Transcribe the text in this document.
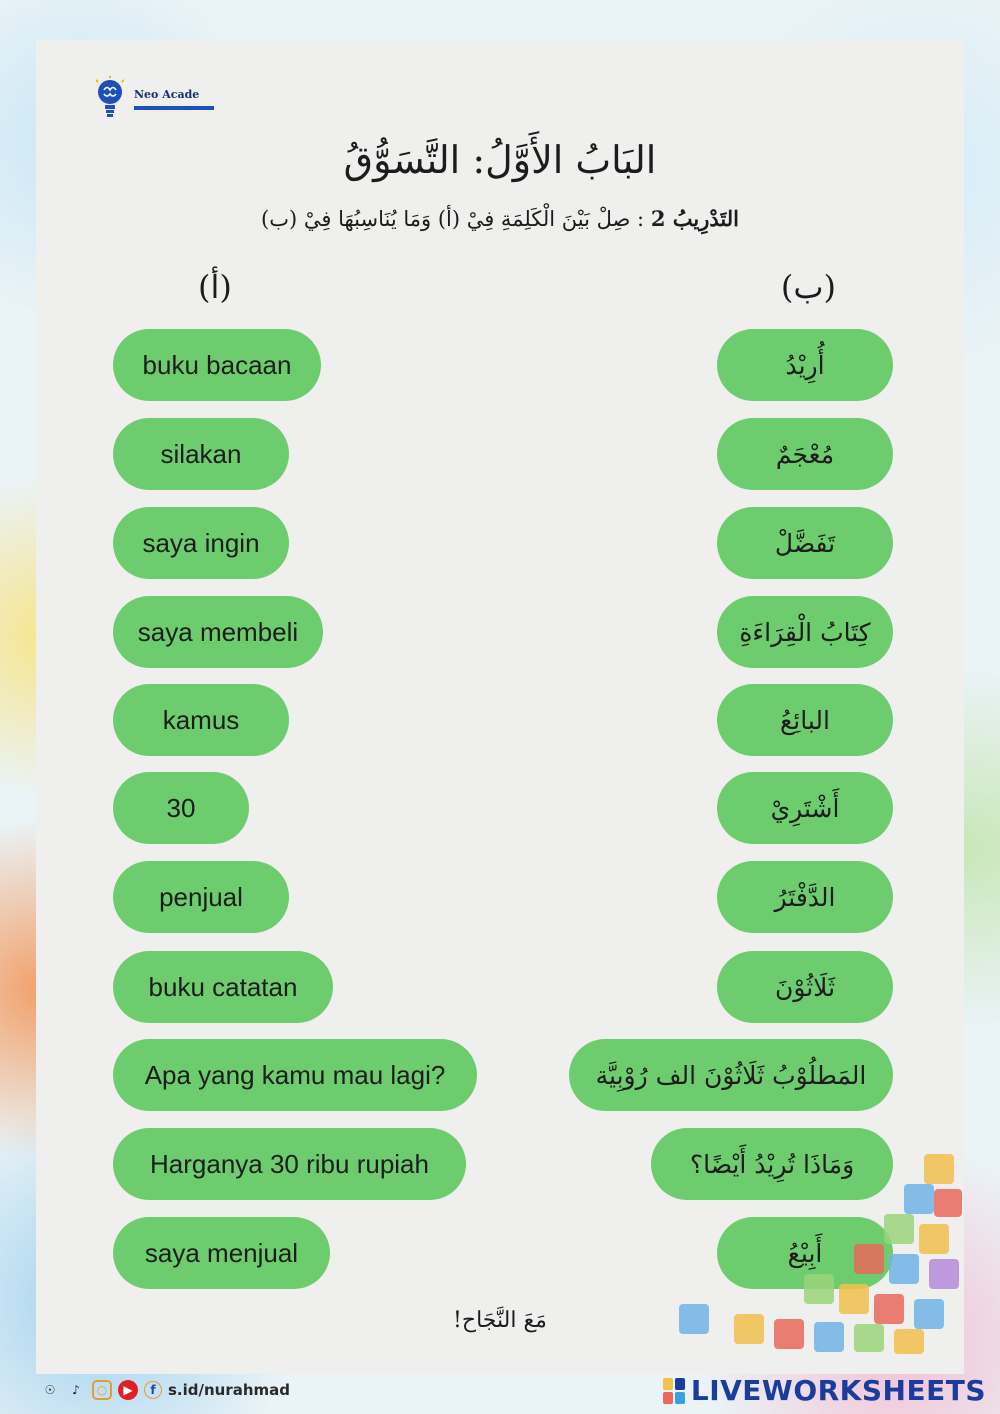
Neo Acade
البَابُ الأَوَّلُ: التَّسَوُّقُ
التَدْرِيبُ 2 : صِلْ بَيْنَ الْكَلِمَةِ فِيْ (أ) وَمَا يُنَاسِبُهَا فِيْ (ب)
(ب)
(أ)
buku bacaan
silakan
saya ingin
saya membeli
kamus
30
penjual
buku catatan
Apa yang kamu mau lagi?
Harganya 30 ribu rupiah
saya menjual
أُرِيْدُ
مُعْجَمٌ
تَفَضَّلْ
كِتَابُ الْقِرَاءَةِ
البائِعُ
أَشْتَرِيْ
الدَّفْتَرُ
ثَلَاثُوْنَ
المَطلُوْبُ ثَلَاثُوْنَ الف رُوْبِيَّة
وَمَاذَا تُرِيْدُ أَيْضًا؟
أَبِيْعُ
مَعَ النَّجَاح!
☉	♪	○	▶	f s.id/nurahmad	LIVEWORKSHEETS
